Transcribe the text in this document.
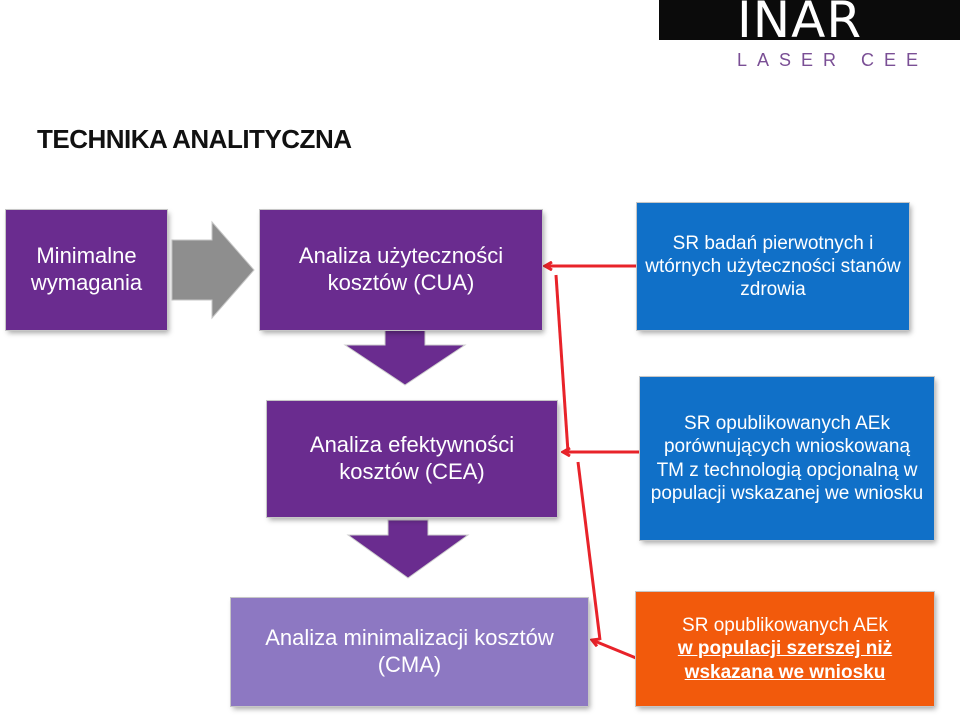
INAR
LASER CEE
TECHNIKA ANALITYCZNA
Minimalne wymagania
Analiza użyteczności kosztów (CUA)
SR badań pierwotnych i wtórnych użyteczności stanów zdrowia
Analiza efektywności kosztów (CEA)
SR opublikowanych AEk porównujących wnioskowaną TM z technologią opcjonalną w populacji wskazanej we wniosku
Analiza minimalizacji kosztów (CMA)
SR opublikowanych AEk
w populacji szerszej niż wskazana we wniosku
